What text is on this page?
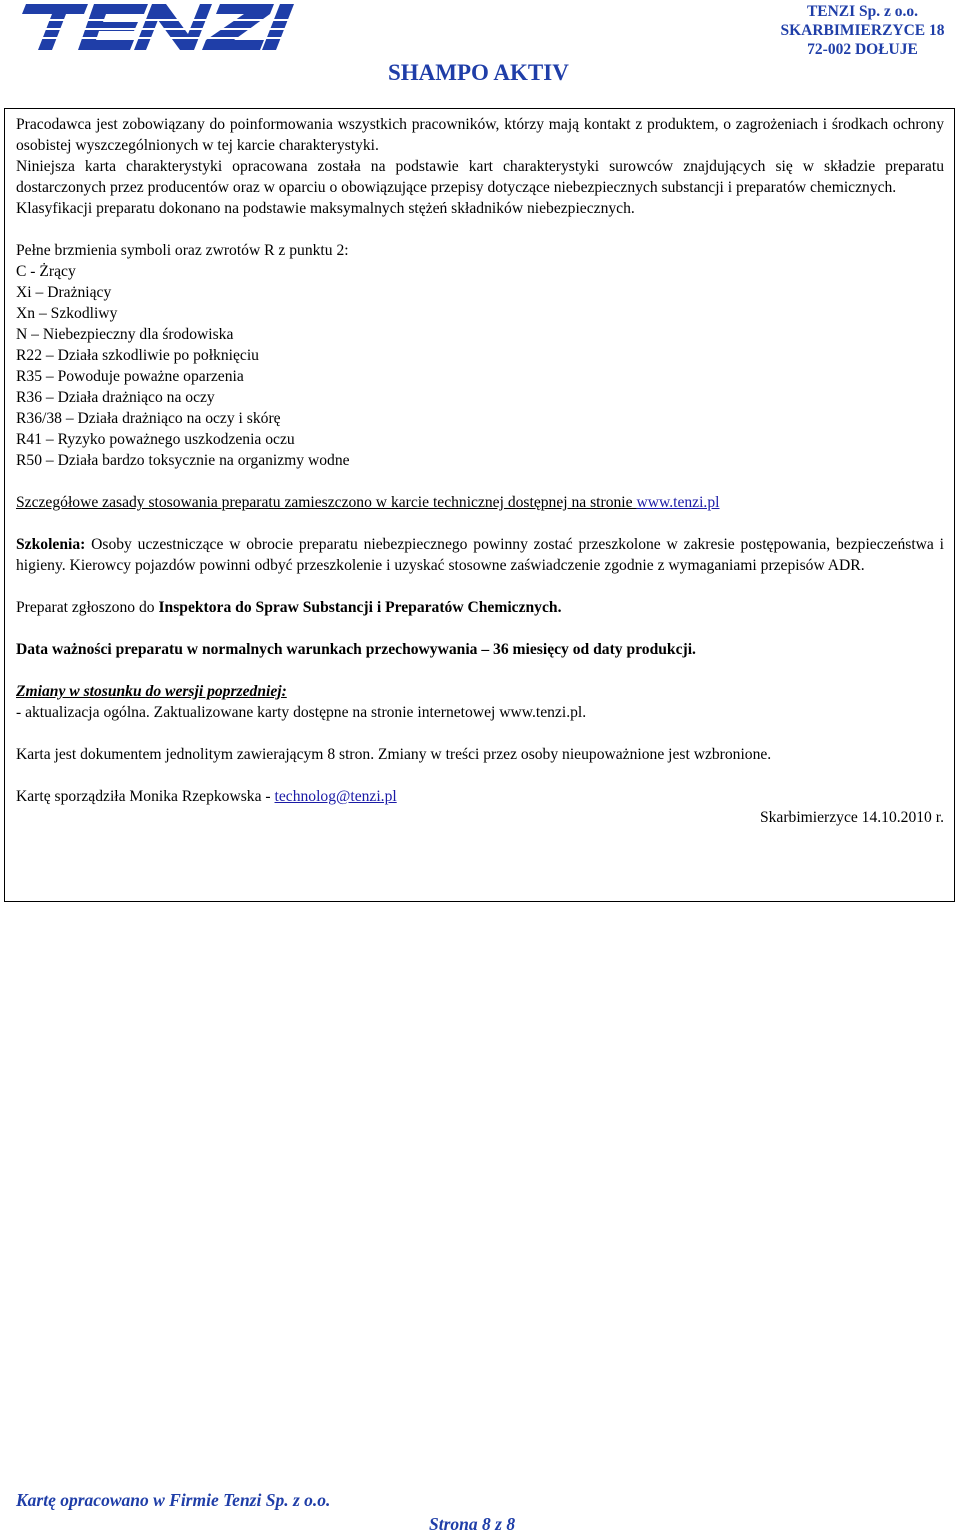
TENZI Sp. z o.o.
SKARBIMIERZYCE 18
72-002 DOŁUJE
SHAMPO AKTIV

Pracodawca jest zobowiązany do poinformowania wszystkich pracowników, którzy mają kontakt z produktem, o zagrożeniach i środkach ochrony osobistej wyszczególnionych w tej karcie charakterystyki.

Niniejsza karta charakterystyki opracowana została na podstawie kart charakterystyki surowców znajdujących się w składzie preparatu dostarczonych przez producentów oraz w oparciu o obowiązujące przepisy dotyczące niebezpiecznych substancji i preparatów chemicznych.

Klasyfikacji preparatu dokonano na podstawie maksymalnych stężeń składników niebezpiecznych.

Pełne brzmienia symboli oraz zwrotów R z punktu 2:

C - Żrący

Xi – Drażniący

Xn – Szkodliwy

N – Niebezpieczny dla środowiska

R22 – Działa szkodliwie po połknięciu

R35 – Powoduje poważne oparzenia

R36 – Działa drażniąco na oczy

R36/38 – Działa drażniąco na oczy i skórę

R41 – Ryzyko poważnego uszkodzenia oczu

R50 – Działa bardzo toksycznie na organizmy wodne

Szczegółowe zasady stosowania preparatu zamieszczono w karcie technicznej dostępnej na stronie www.tenzi.pl

Szkolenia: Osoby uczestniczące w obrocie preparatu niebezpiecznego powinny zostać przeszkolone w zakresie postępowania, bezpieczeństwa i higieny. Kierowcy pojazdów powinni odbyć przeszkolenie i uzyskać stosowne zaświadczenie zgodnie z wymaganiami przepisów ADR.

Preparat zgłoszono do Inspektora do Spraw Substancji i Preparatów Chemicznych.

Data ważności preparatu w normalnych warunkach przechowywania – 36 miesięcy od daty produkcji.

Zmiany w stosunku do wersji poprzedniej:

- aktualizacja ogólna. Zaktualizowane karty dostępne na stronie internetowej www.tenzi.pl.

Karta jest dokumentem jednolitym zawierającym 8 stron. Zmiany w treści przez osoby nieupoważnione jest wzbronione.

Kartę sporządziła Monika Rzepkowska - technolog@tenzi.pl

Skarbimierzyce 14.10.2010 r.

Kartę opracowano w Firmie Tenzi Sp. z o.o.
Strona 8 z 8
